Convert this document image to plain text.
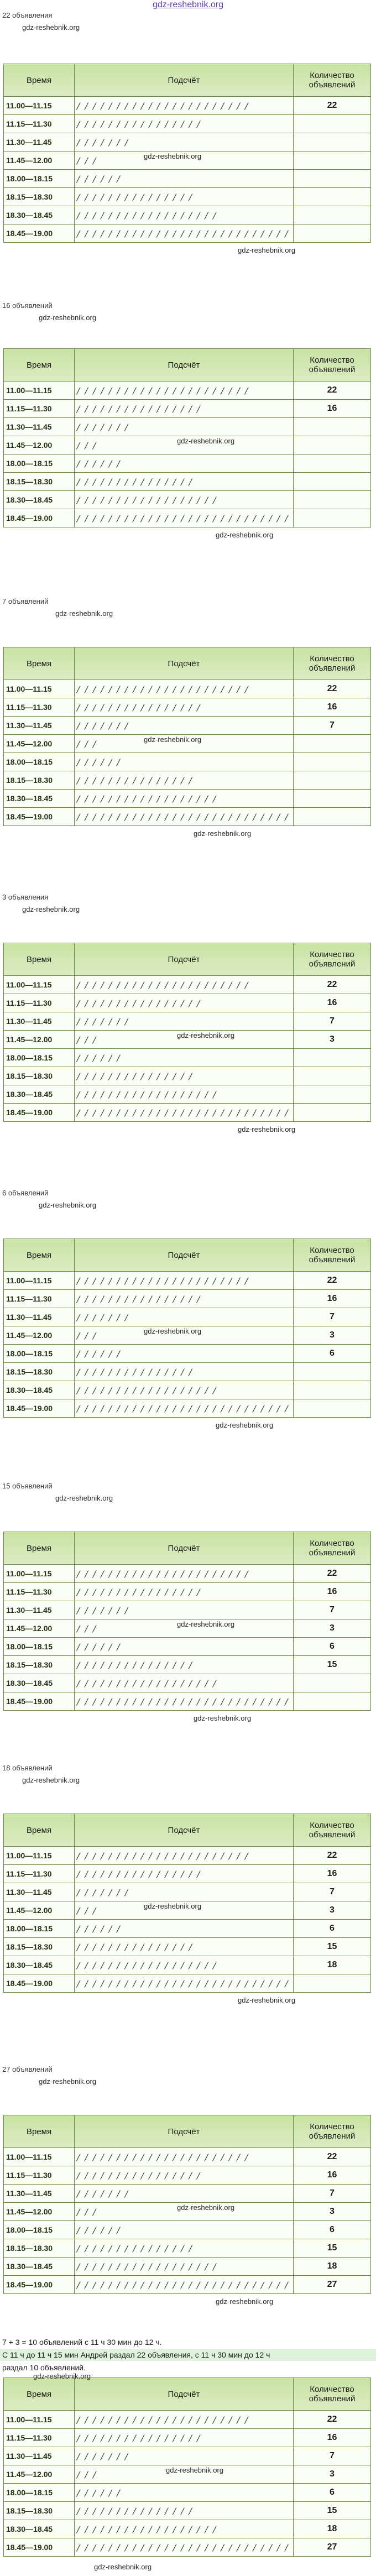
gdz-reshebnik.org
22 объявления
gdz-reshebnik.org
Время	Подсчёт	Количество объявлений
11.00—11.15	/ / / / / / / / / / / / / / / / / / / / / /	22
11.15—11.30	/ / / / / / / / / / / / / / / /	
11.30—11.45	/ / / / / / /	
11.45—12.00	/ / /	
18.00—18.15	/ / / / / /	
18.15—18.30	/ / / / / / / / / / / / / / /	
18.30—18.45	/ / / / / / / / / / / / / / / / / /	
18.45—19.00	/ / / / / / / / / / / / / / / / / / / / / / / / / / /	
gdz-reshebnik.org
gdz-reshebnik.org
16 объявлений
gdz-reshebnik.org
Время	Подсчёт	Количество объявлений
11.00—11.15	/ / / / / / / / / / / / / / / / / / / / / /	22
11.15—11.30	/ / / / / / / / / / / / / / / /	16
11.30—11.45	/ / / / / / /	
11.45—12.00	/ / /	
18.00—18.15	/ / / / / /	
18.15—18.30	/ / / / / / / / / / / / / / /	
18.30—18.45	/ / / / / / / / / / / / / / / / / /	
18.45—19.00	/ / / / / / / / / / / / / / / / / / / / / / / / / / /	
gdz-reshebnik.org
gdz-reshebnik.org
7 объявлений
gdz-reshebnik.org
Время	Подсчёт	Количество объявлений
11.00—11.15	/ / / / / / / / / / / / / / / / / / / / / /	22
11.15—11.30	/ / / / / / / / / / / / / / / /	16
11.30—11.45	/ / / / / / /	7
11.45—12.00	/ / /	
18.00—18.15	/ / / / / /	
18.15—18.30	/ / / / / / / / / / / / / / /	
18.30—18.45	/ / / / / / / / / / / / / / / / / /	
18.45—19.00	/ / / / / / / / / / / / / / / / / / / / / / / / / / /	
gdz-reshebnik.org
gdz-reshebnik.org
3 объявления
gdz-reshebnik.org
Время	Подсчёт	Количество объявлений
11.00—11.15	/ / / / / / / / / / / / / / / / / / / / / /	22
11.15—11.30	/ / / / / / / / / / / / / / / /	16
11.30—11.45	/ / / / / / /	7
11.45—12.00	/ / /	3
18.00—18.15	/ / / / / /	
18.15—18.30	/ / / / / / / / / / / / / / /	
18.30—18.45	/ / / / / / / / / / / / / / / / / /	
18.45—19.00	/ / / / / / / / / / / / / / / / / / / / / / / / / / /	
gdz-reshebnik.org
gdz-reshebnik.org
6 объявлений
gdz-reshebnik.org
Время	Подсчёт	Количество объявлений
11.00—11.15	/ / / / / / / / / / / / / / / / / / / / / /	22
11.15—11.30	/ / / / / / / / / / / / / / / /	16
11.30—11.45	/ / / / / / /	7
11.45—12.00	/ / /	3
18.00—18.15	/ / / / / /	6
18.15—18.30	/ / / / / / / / / / / / / / /	
18.30—18.45	/ / / / / / / / / / / / / / / / / /	
18.45—19.00	/ / / / / / / / / / / / / / / / / / / / / / / / / / /	
gdz-reshebnik.org
gdz-reshebnik.org
15 объявлений
gdz-reshebnik.org
Время	Подсчёт	Количество объявлений
11.00—11.15	/ / / / / / / / / / / / / / / / / / / / / /	22
11.15—11.30	/ / / / / / / / / / / / / / / /	16
11.30—11.45	/ / / / / / /	7
11.45—12.00	/ / /	3
18.00—18.15	/ / / / / /	6
18.15—18.30	/ / / / / / / / / / / / / / /	15
18.30—18.45	/ / / / / / / / / / / / / / / / / /	
18.45—19.00	/ / / / / / / / / / / / / / / / / / / / / / / / / / /	
gdz-reshebnik.org
gdz-reshebnik.org
18 объявлений
gdz-reshebnik.org
Время	Подсчёт	Количество объявлений
11.00—11.15	/ / / / / / / / / / / / / / / / / / / / / /	22
11.15—11.30	/ / / / / / / / / / / / / / / /	16
11.30—11.45	/ / / / / / /	7
11.45—12.00	/ / /	3
18.00—18.15	/ / / / / /	6
18.15—18.30	/ / / / / / / / / / / / / / /	15
18.30—18.45	/ / / / / / / / / / / / / / / / / /	18
18.45—19.00	/ / / / / / / / / / / / / / / / / / / / / / / / / / /	
gdz-reshebnik.org
gdz-reshebnik.org
27 объявлений
gdz-reshebnik.org
Время	Подсчёт	Количество объявлений
11.00—11.15	/ / / / / / / / / / / / / / / / / / / / / /	22
11.15—11.30	/ / / / / / / / / / / / / / / /	16
11.30—11.45	/ / / / / / /	7
11.45—12.00	/ / /	3
18.00—18.15	/ / / / / /	6
18.15—18.30	/ / / / / / / / / / / / / / /	15
18.30—18.45	/ / / / / / / / / / / / / / / / / /	18
18.45—19.00	/ / / / / / / / / / / / / / / / / / / / / / / / / / /	27
gdz-reshebnik.org
gdz-reshebnik.org
7 + 3 = 10 объявлений с 11 ч 30 мин до 12 ч.
С 11 ч до 11 ч 15 мин Андрей раздал 22 объявления, с 11 ч 30 мин до 12 ч
раздал 10 объявлений.
Время	Подсчёт	Количество объявлений
11.00—11.15	/ / / / / / / / / / / / / / / / / / / / / /	22
11.15—11.30	/ / / / / / / / / / / / / / / /	16
11.30—11.45	/ / / / / / /	7
11.45—12.00	/ / /	3
18.00—18.15	/ / / / / /	6
18.15—18.30	/ / / / / / / / / / / / / / /	15
18.30—18.45	/ / / / / / / / / / / / / / / / / /	18
18.45—19.00	/ / / / / / / / / / / / / / / / / / / / / / / / / / /	27
gdz-reshebnik.org
gdz-reshebnik.org
gdz-reshebnik.org
